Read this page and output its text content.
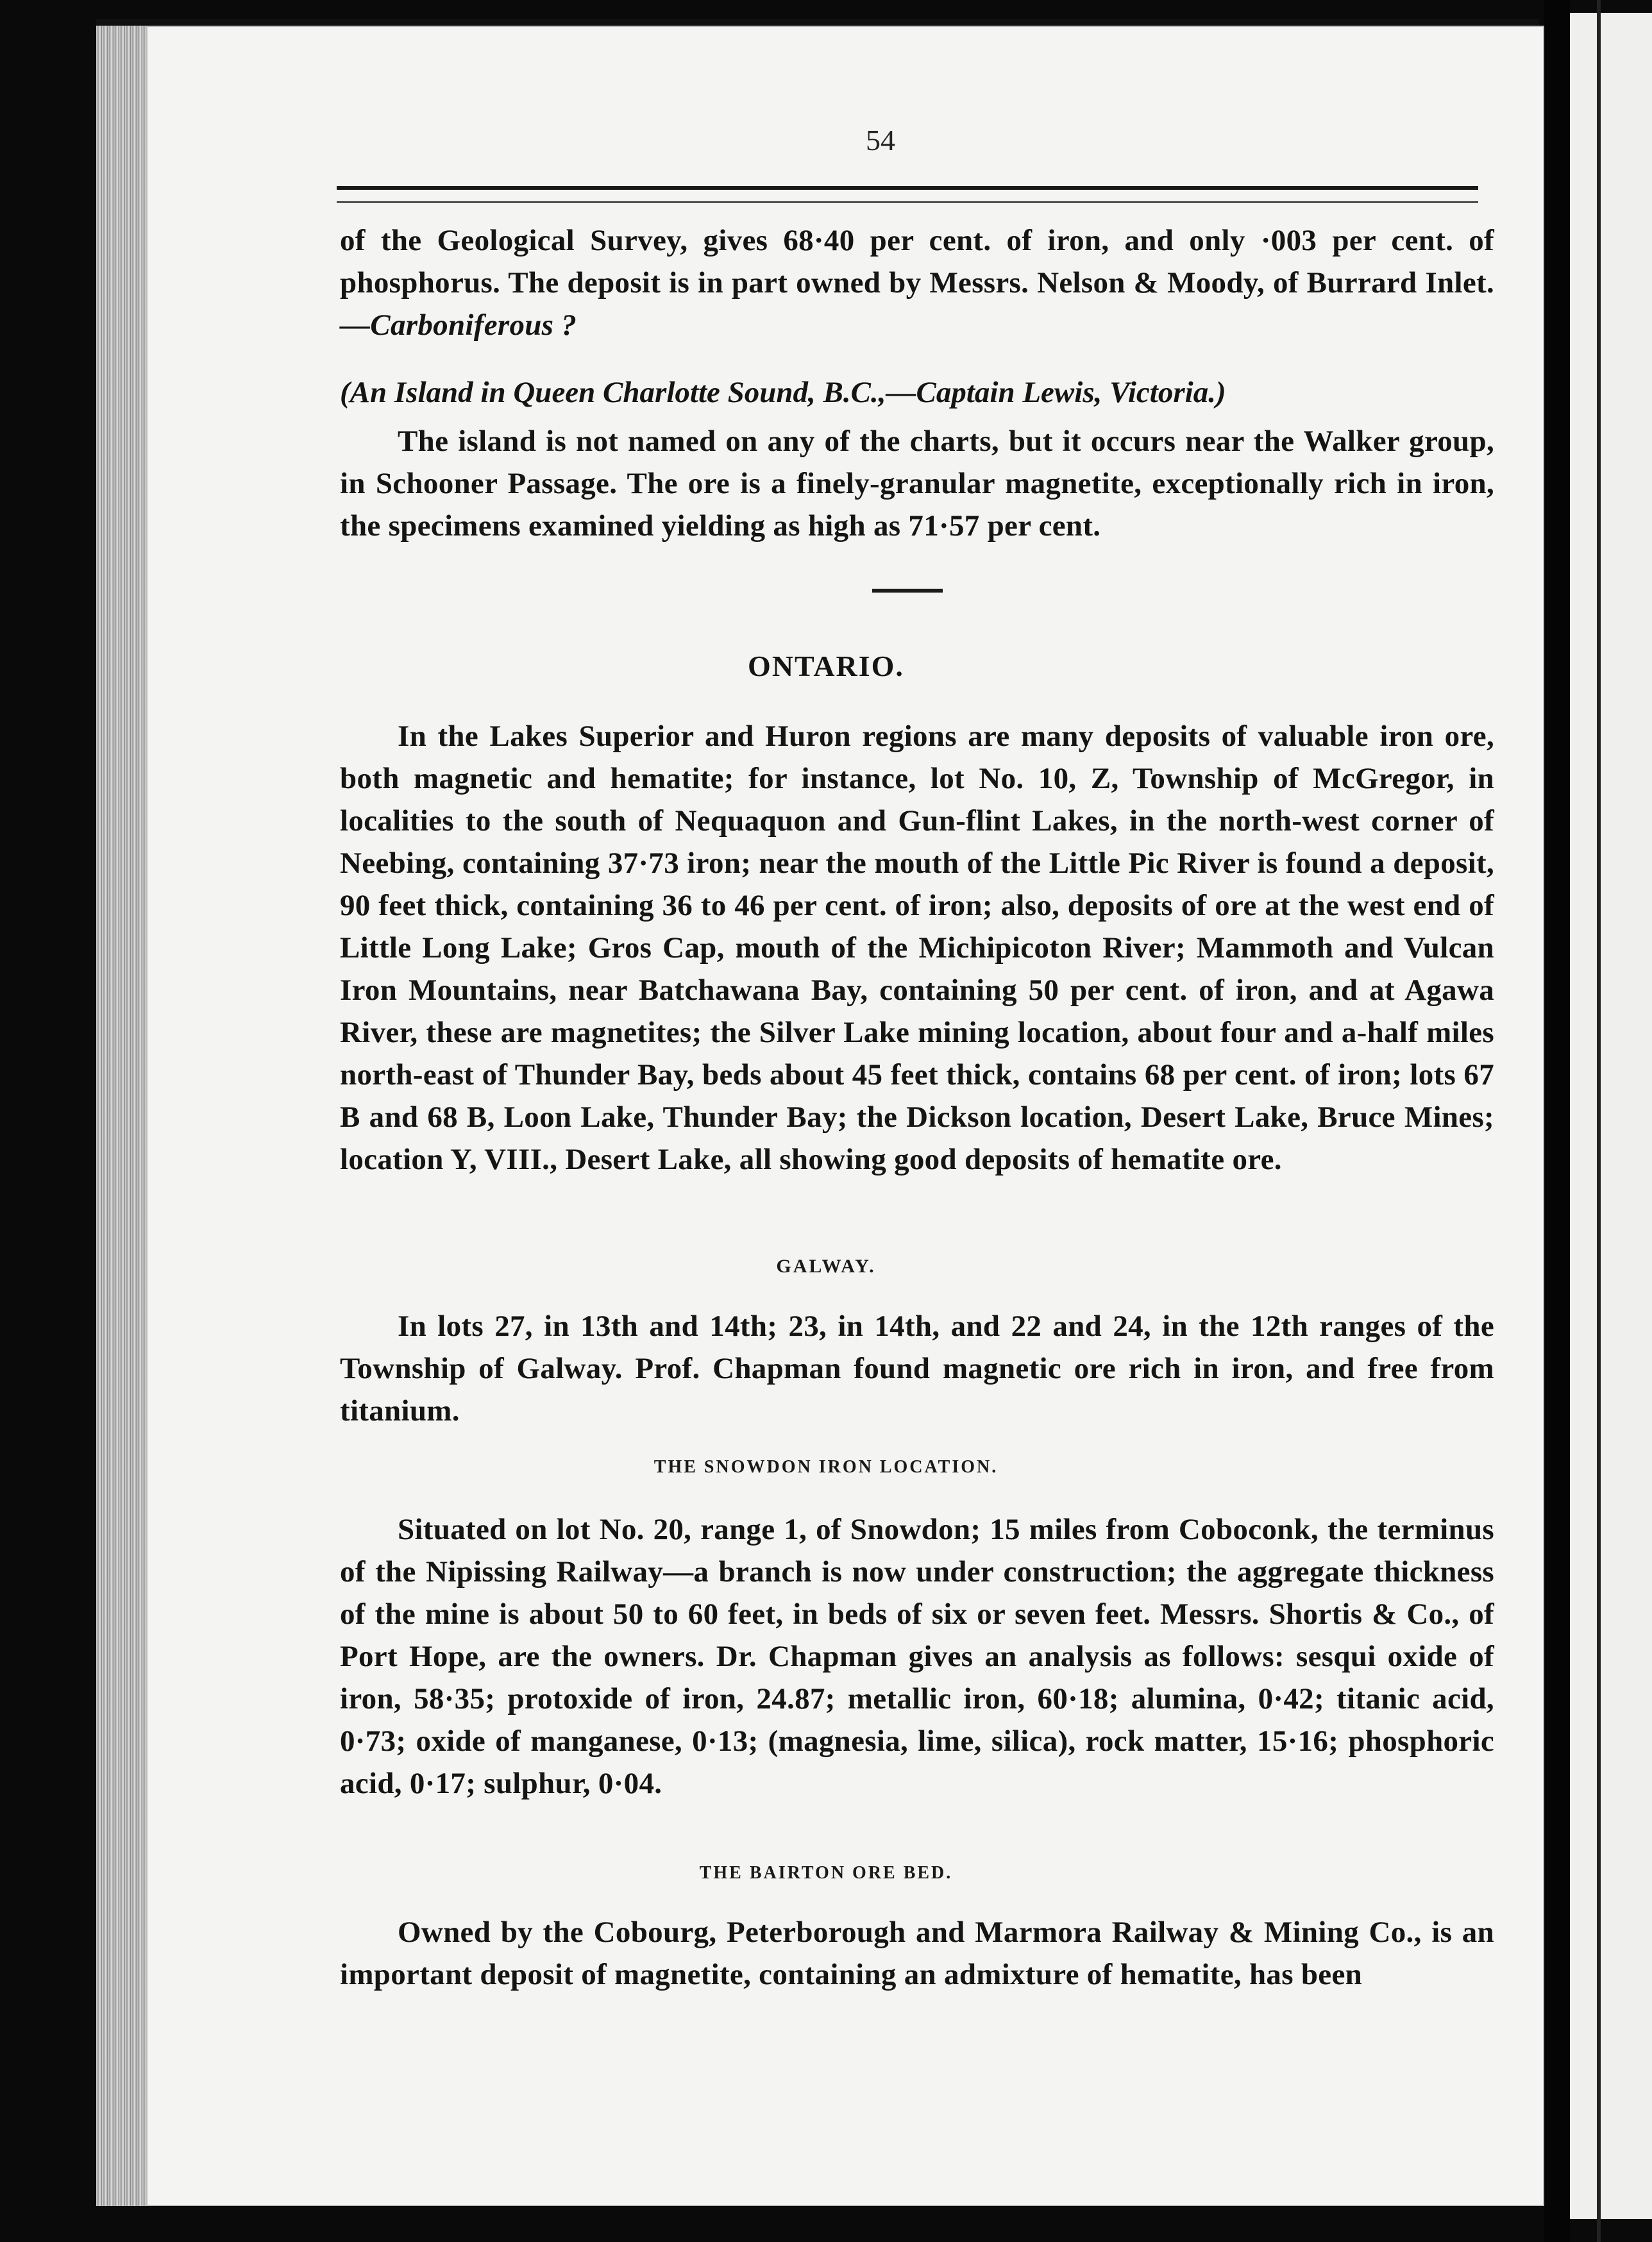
54
of the Geological Survey, gives 68·40 per cent. of iron, and only ·003 per cent. of phosphorus. The deposit is in part owned by Messrs. Nelson & Moody, of Burrard Inlet.—Carboniferous ?
(An Island in Queen Charlotte Sound, B.C.,—Captain Lewis, Victoria.)
The island is not named on any of the charts, but it occurs near the Walker group, in Schooner Passage. The ore is a finely-granular magnetite, exceptionally rich in iron, the specimens examined yielding as high as 71·57 per cent.
ONTARIO.
In the Lakes Superior and Huron regions are many deposits of valuable iron ore, both magnetic and hematite; for instance, lot No. 10, Z, Township of McGregor, in localities to the south of Nequaquon and Gun-flint Lakes, in the north-west corner of Neebing, containing 37·73 iron; near the mouth of the Little Pic River is found a deposit, 90 feet thick, containing 36 to 46 per cent. of iron; also, deposits of ore at the west end of Little Long Lake; Gros Cap, mouth of the Michipicoton River; Mammoth and Vulcan Iron Mountains, near Batchawana Bay, containing 50 per cent. of iron, and at Agawa River, these are magnetites; the Silver Lake mining location, about four and a-half miles north-east of Thunder Bay, beds about 45 feet thick, contains 68 per cent. of iron; lots 67 B and 68 B, Loon Lake, Thunder Bay; the Dickson location, Desert Lake, Bruce Mines; location Y, VIII., Desert Lake, all showing good deposits of hematite ore.
GALWAY.
In lots 27, in 13th and 14th; 23, in 14th, and 22 and 24, in the 12th ranges of the Township of Galway. Prof. Chapman found magnetic ore rich in iron, and free from titanium.
THE SNOWDON IRON LOCATION.
Situated on lot No. 20, range 1, of Snowdon; 15 miles from Coboconk, the terminus of the Nipissing Railway—a branch is now under construction; the aggregate thickness of the mine is about 50 to 60 feet, in beds of six or seven feet. Messrs. Shortis & Co., of Port Hope, are the owners. Dr. Chapman gives an analysis as follows: sesqui oxide of iron, 58·35; protoxide of iron, 24.87; metallic iron, 60·18; alumina, 0·42; titanic acid, 0·73; oxide of manganese, 0·13; (magnesia, lime, silica), rock matter, 15·16; phosphoric acid, 0·17; sulphur, 0·04.
THE BAIRTON ORE BED.
Owned by the Cobourg, Peterborough and Marmora Railway & Mining Co., is an important deposit of magnetite, containing an admixture of hematite, has been
